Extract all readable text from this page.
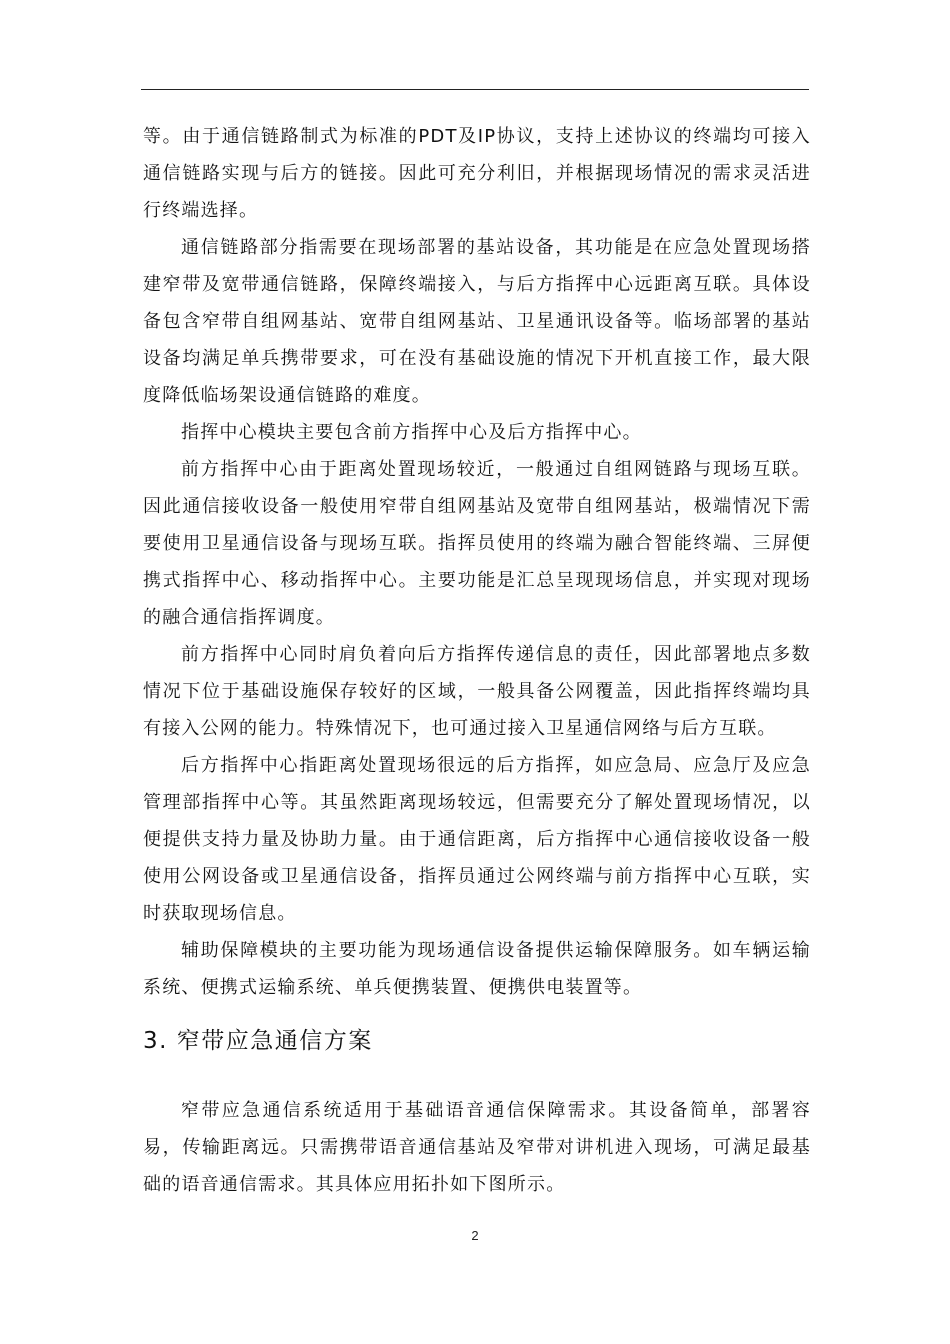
等。由于通信链路制式为标准的PDT及IP协议，支持上述协议的终端均可接入通信链路实现与后方的链接。因此可充分利旧，并根据现场情况的需求灵活进行终端选择。

通信链路部分指需要在现场部署的基站设备，其功能是在应急处置现场搭建窄带及宽带通信链路，保障终端接入，与后方指挥中心远距离互联。具体设备包含窄带自组网基站、宽带自组网基站、卫星通讯设备等。临场部署的基站设备均满足单兵携带要求，可在没有基础设施的情况下开机直接工作，最大限度降低临场架设通信链路的难度。

指挥中心模块主要包含前方指挥中心及后方指挥中心。

前方指挥中心由于距离处置现场较近，一般通过自组网链路与现场互联。因此通信接收设备一般使用窄带自组网基站及宽带自组网基站，极端情况下需要使用卫星通信设备与现场互联。指挥员使用的终端为融合智能终端、三屏便携式指挥中心、移动指挥中心。主要功能是汇总呈现现场信息，并实现对现场的融合通信指挥调度。

前方指挥中心同时肩负着向后方指挥传递信息的责任，因此部署地点多数情况下位于基础设施保存较好的区域，一般具备公网覆盖，因此指挥终端均具有接入公网的能力。特殊情况下，也可通过接入卫星通信网络与后方互联。

后方指挥中心指距离处置现场很远的后方指挥，如应急局、应急厅及应急管理部指挥中心等。其虽然距离现场较远，但需要充分了解处置现场情况，以便提供支持力量及协助力量。由于通信距离，后方指挥中心通信接收设备一般使用公网设备或卫星通信设备，指挥员通过公网终端与前方指挥中心互联，实时获取现场信息。

辅助保障模块的主要功能为现场通信设备提供运输保障服务。如车辆运输系统、便携式运输系统、单兵便携装置、便携供电装置等。

3. 窄带应急通信方案

窄带应急通信系统适用于基础语音通信保障需求。其设备简单，部署容易，传输距离远。只需携带语音通信基站及窄带对讲机进入现场，可满足最基础的语音通信需求。其具体应用拓扑如下图所示。

2
